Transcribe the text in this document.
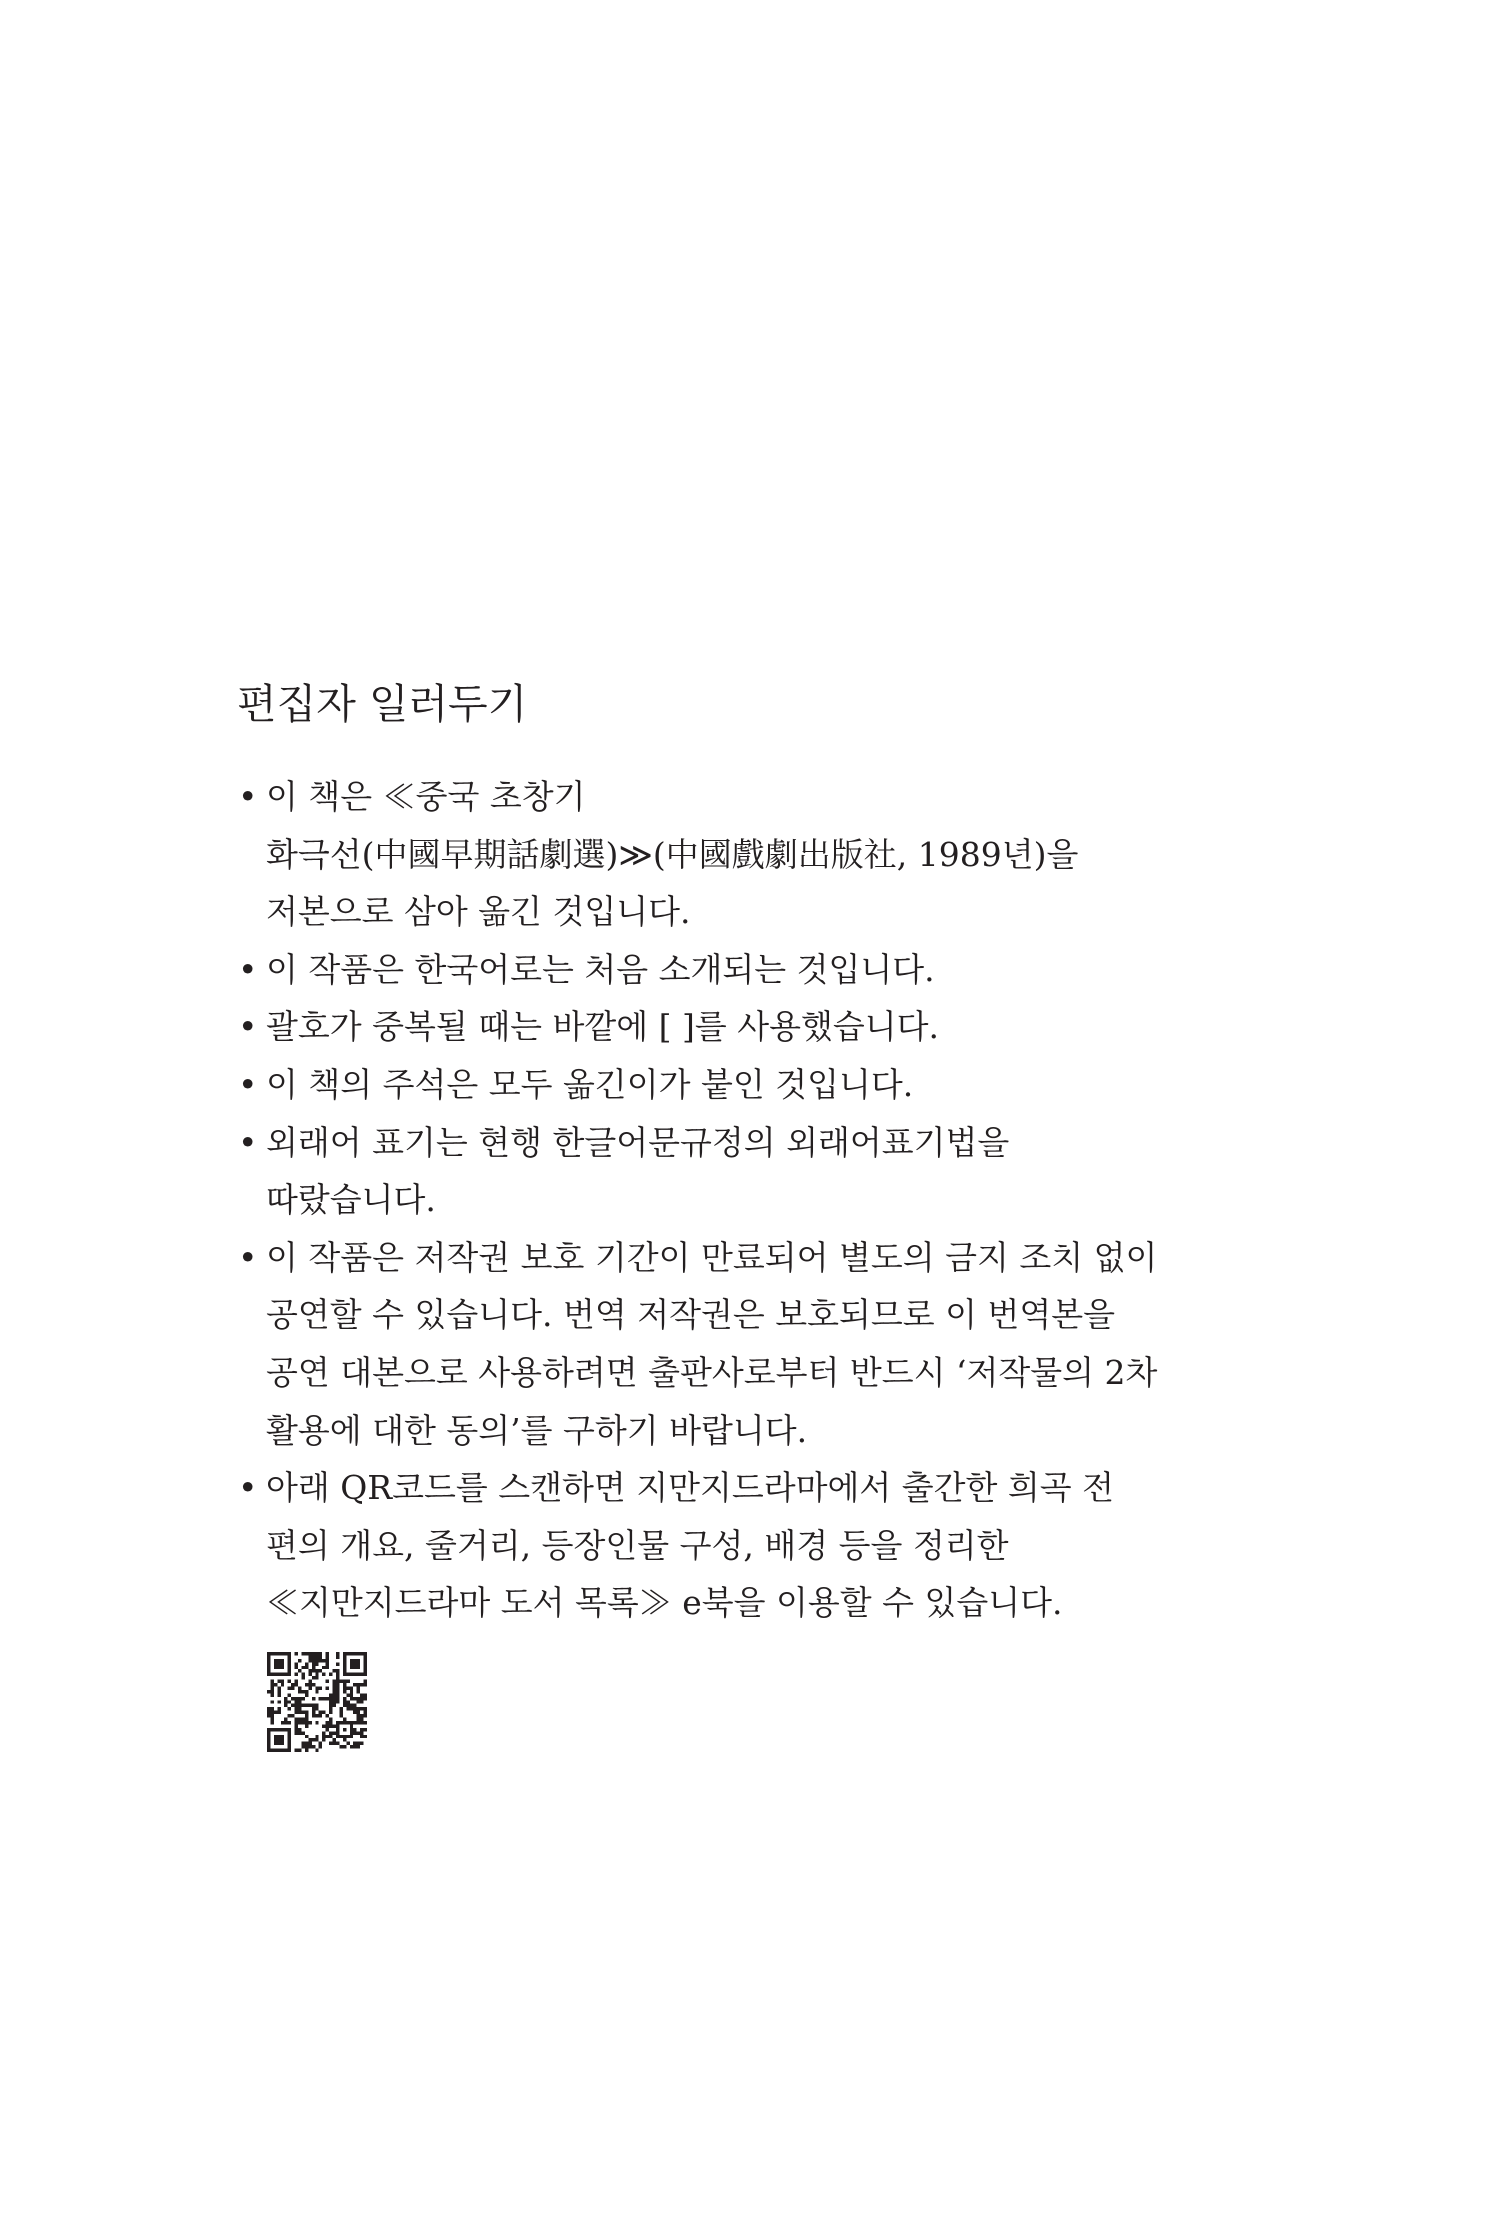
편집자 일러두기
• 이 책은 ≪중국 초창기
화극선(中國早期話劇選)≫(中國戲劇出版社, 1989년)을
저본으로 삼아 옮긴 것입니다.
• 이 작품은 한국어로는 처음 소개되는 것입니다.
• 괄호가 중복될 때는 바깥에 [ ]를 사용했습니다.
• 이 책의 주석은 모두 옮긴이가 붙인 것입니다.
• 외래어 표기는 현행 한글어문규정의 외래어표기법을
따랐습니다.
• 이 작품은 저작권 보호 기간이 만료되어 별도의 금지 조치 없이
공연할 수 있습니다. 번역 저작권은 보호되므로 이 번역본을
공연 대본으로 사용하려면 출판사로부터 반드시 ‘저작물의 2차
활용에 대한 동의’를 구하기 바랍니다.
• 아래 QR코드를 스캔하면 지만지드라마에서 출간한 희곡 전
편의 개요, 줄거리, 등장인물 구성, 배경 등을 정리한
≪지만지드라마 도서 목록≫ e북을 이용할 수 있습니다.
